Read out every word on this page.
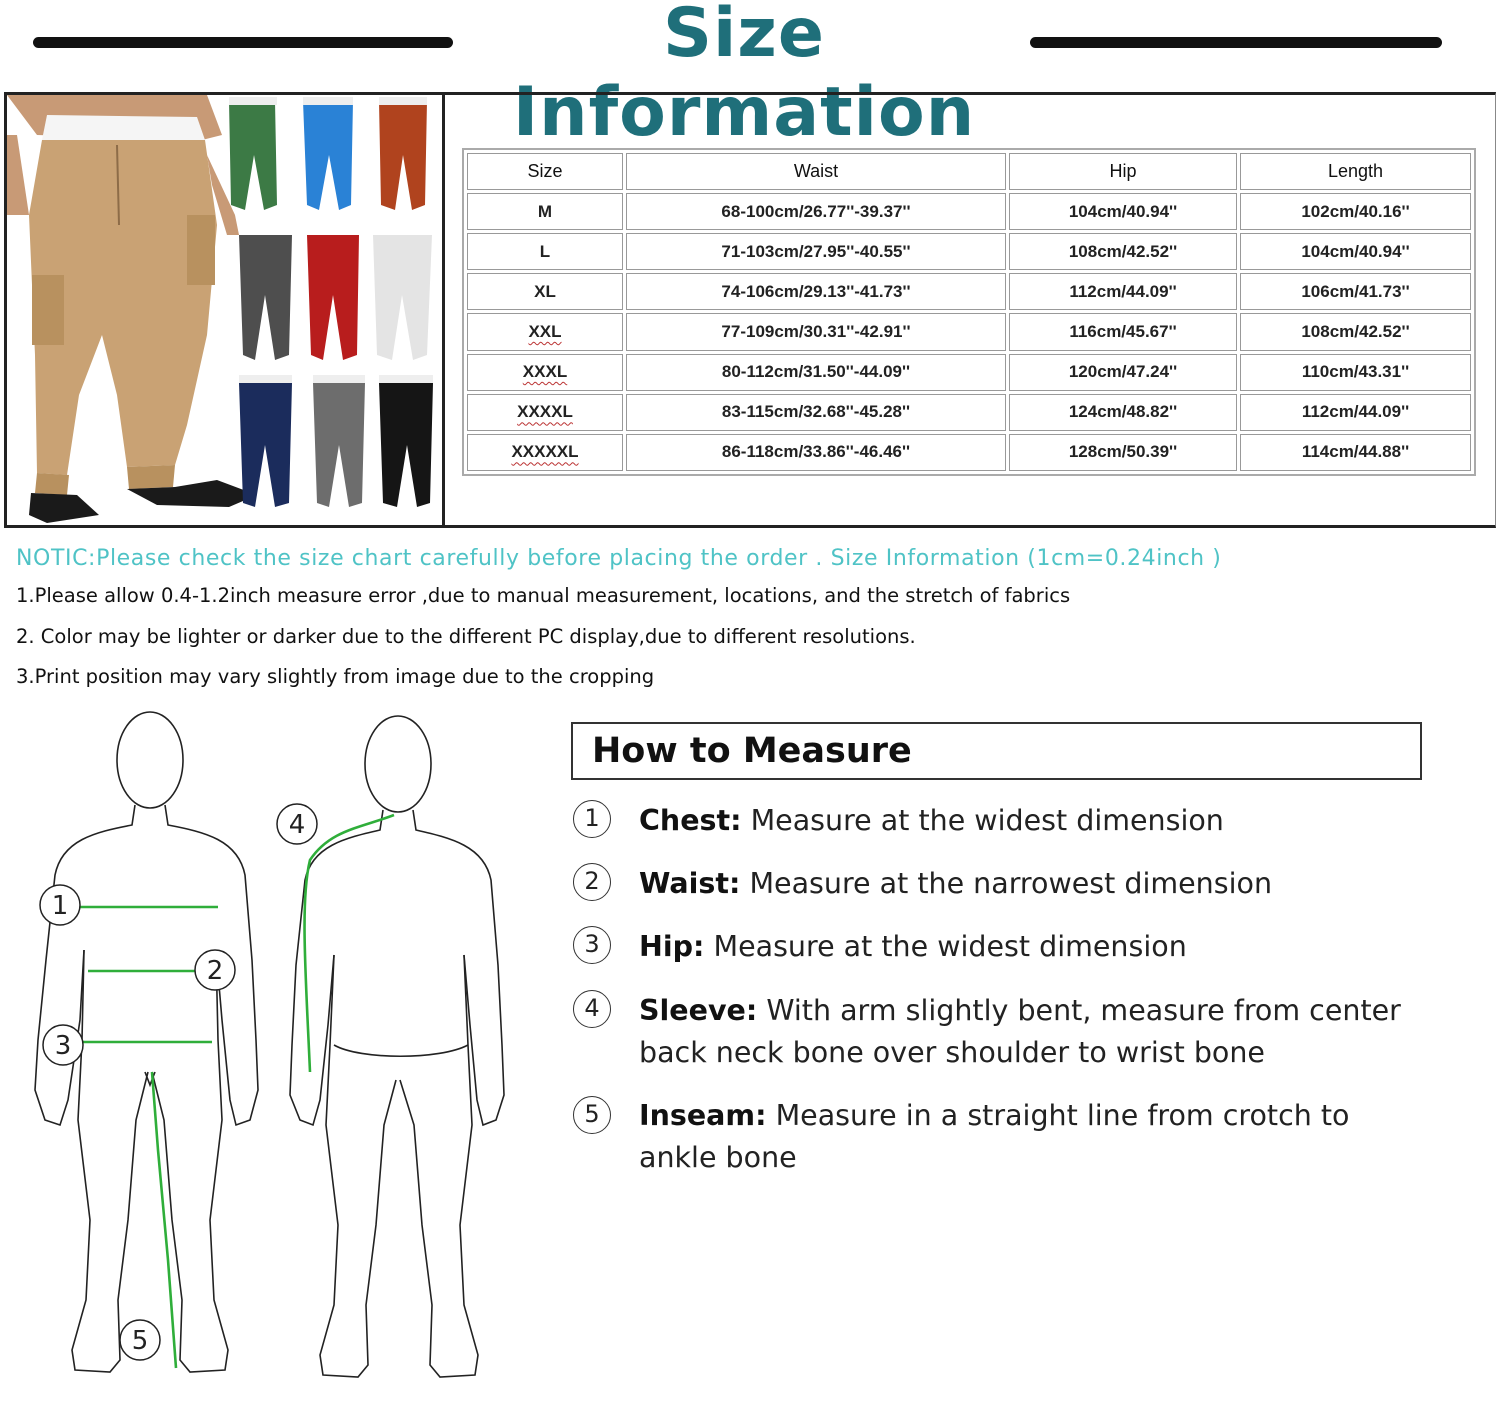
Size Information
Size	Waist	Hip	Length
M	68-100cm/26.77''-39.37''	104cm/40.94''	102cm/40.16''
L	71-103cm/27.95''-40.55''	108cm/42.52''	104cm/40.94''
XL	74-106cm/29.13''-41.73''	112cm/44.09''	106cm/41.73''
XXL	77-109cm/30.31''-42.91''	116cm/45.67''	108cm/42.52''
XXXL	80-112cm/31.50''-44.09''	120cm/47.24''	110cm/43.31''
XXXXL	83-115cm/32.68''-45.28''	124cm/48.82''	112cm/44.09''
XXXXXL	86-118cm/33.86''-46.46''	128cm/50.39''	114cm/44.88''
NOTIC:Please check the size chart carefully before placing the order . Size Information (1cm=0.24inch )
1.Please allow 0.4-1.2inch measure error ,due to manual measurement, locations, and the stretch of fabrics
2. Color may be lighter or darker due to the different PC display,due to different resolutions.
3.Print position may vary slightly from image due to the cropping
1
2
3
4
5
How to Measure
1	Chest: Measure at the widest dimension
2	Waist: Measure at the narrowest dimension
3	Hip: Measure at the widest dimension
4	Sleeve: With arm slightly bent, measure from center back neck bone over shoulder to wrist bone
5	Inseam: Measure in a straight line from crotch to ankle bone
